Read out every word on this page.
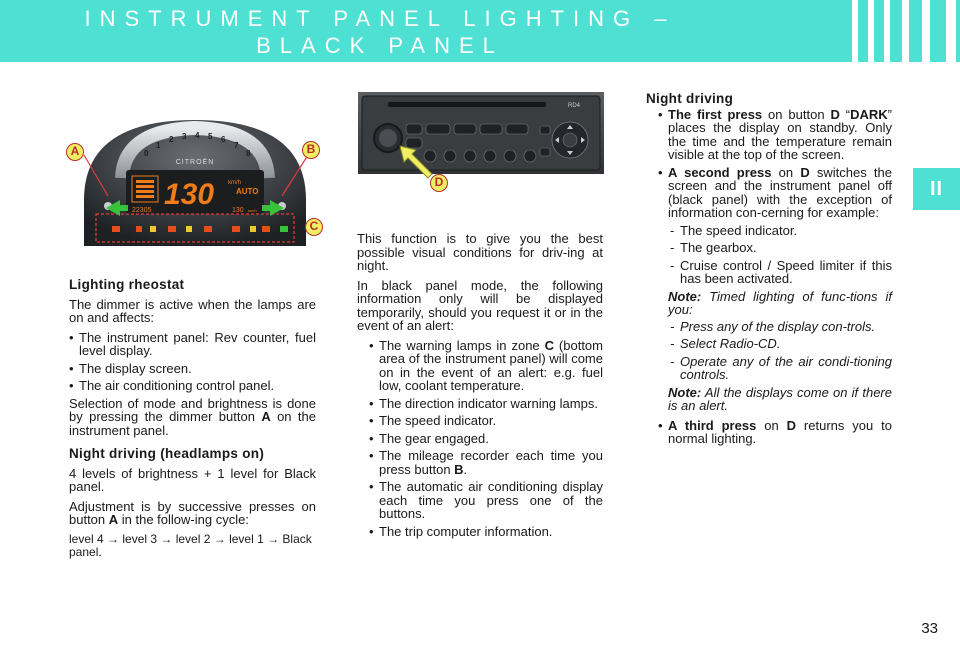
INSTRUMENT PANEL LIGHTING –
BLACK PANEL
II
0
1
2 3 4 5 6
7
8
CITROËN
130 km/h
AUTO
22305	130 km/h
A	B
C
RD4
D
Lighting rheostat

The dimmer is active when the lamps are on and affects:

• The instrument panel: Rev counter, fuel level display.
• The display screen.
• The air conditioning control panel.

Selection of mode and brightness is done by pressing the dimmer button A on the instrument panel.

Night driving (headlamps on)

4 levels of brightness + 1 level for Black panel.

Adjustment is by successive presses on button A in the follow-ing cycle:

level 4 → level 3 → level 2 → level 1 → Black panel.

This function is to give you the best possible visual conditions for driv-ing at night.

In black panel mode, the following information only will be displayed temporarily, should you request it or in the event of an alert:

• The warning lamps in zone C (bottom area of the instrument panel) will come on in the event of an alert: e.g. fuel low, coolant temperature.
• The direction indicator warning lamps.
• The speed indicator.
• The gear engaged.
• The mileage recorder each time you press button B.
• The automatic air conditioning display each time you press one of the buttons.
• The trip computer information.
Night driving
• The first press on button D “DARK” places the display on standby. Only the time and the temperature remain visible at the top of the screen.
• A second press on D switches the screen and the instrument panel off (black panel) with the exception of information con-cerning for example:
- The speed indicator.
- The gearbox.
- Cruise control / Speed limiter if this has been activated.

Note: Timed lighting of func-tions if you:

- Press any of the display con-trols.
- Select Radio-CD.
- Operate any of the air condi-tioning controls.

Note: All the displays come on if there is an alert.

• A third press on D returns you to normal lighting.
33
